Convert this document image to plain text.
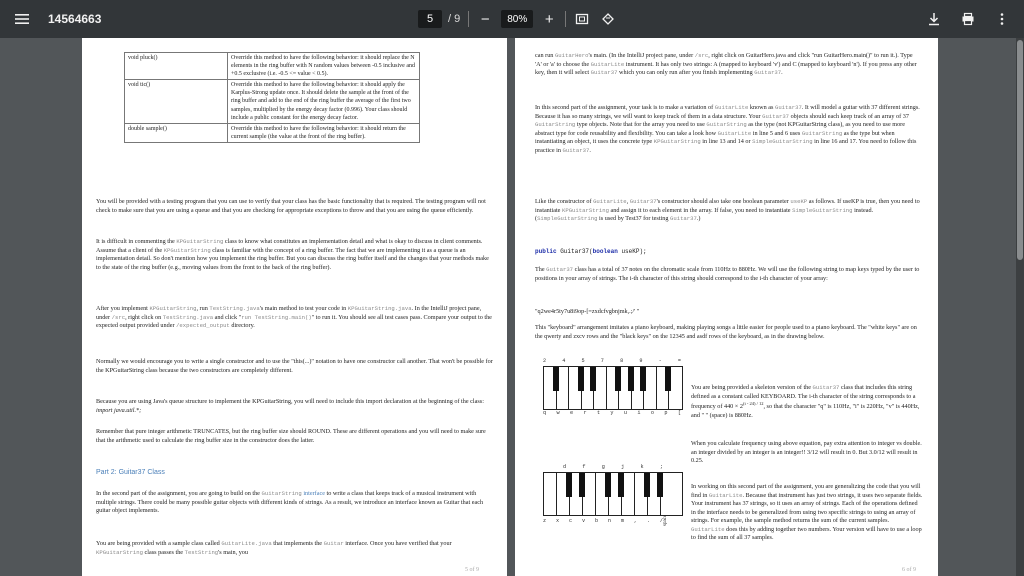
14564663	5	/ 9 −	80%	+
void pluck()	Override this method to have the following behavior: it should replace the N elements in the ring buffer with N random values between -0.5 inclusive and +0.5 exclusive (i.e. -0.5 <= value < 0.5).
void tic()	Override this method to have the following behavior: it should apply the Karplus-Strong update once. It should delete the sample at the front of the ring buffer and add to the end of the ring buffer the average of the first two samples, multiplied by the energy decay factor (0.996). Your class should include a public constant for the energy decay factor.
double sample()	Override this method to have the following behavior: it should return the current sample (the value at the front of the ring buffer).

You will be provided with a testing program that you can use to verify that your class has the basic functionality that is required. The testing program will not check to make sure that you are using a queue and that you are checking for appropriate exceptions to throw and that you are using the queue efficiently.

It is difficult in commenting the KPGuitarString class to know what constitutes an implementation detail and what is okay to discuss in client comments. Assume that a client of the KPGuitarString class is familiar with the concept of a ring buffer. The fact that we are implementing it as a queue is an implementation detail. So don't mention how you implement the ring buffer. But you can discuss the ring buffer itself and the changes that your methods make to the state of the ring buffer (e.g., moving values from the front to the back of the ring buffer).

After you implement KPGuitarString, run TestString.java's main method to test your code in KPGuitarString.java. In the IntelliJ project pane, under /src, right click on TestString.java and click "run TestString.main()" to run it. You should see all test cases pass. Compare your output to the expected output provided under /expected_output directory.

Normally we would encourage you to write a single constructor and to use the "this(...)" notation to have one constructor call another. That won't be possible for the KPGuitarString class because the two constructors are completely different.

Because you are using Java's queue structure to implement the KPGuitarString, you will need to include this import declaration at the beginning of the class: import java.util.*;

Remember that pure integer arithmetic TRUNCATES, but the ring buffer size should ROUND. These are different operations and you will need to make sure that the arithmetic used to calculate the ring buffer size in the constructor does the latter.

Part 2: Guitar37 Class

In the second part of the assignment, you are going to build on the GuitarString interface to write a class that keeps track of a musical instrument with multiple strings. There could be many possible guitar objects with different kinds of strings. As a result, we introduce an interface known as Guitar that each guitar object implements.

You are being provided with a sample class called GuitarLite.java that implements the Guitar interface. Once you have verified that your KPGuitarString class passes the TestString's main, you

5 of 9

can run GuitarHero's main. (In the IntelliJ project pane, under /src, right click on GuitarHero.java and click "run GuitarHero.main()" to run it.). Type 'A' or 'a' to choose the GuitarLite instrument. It has only two strings: A (mapped to keyboard 'v') and C (mapped to keyboard 'n'). If you press any other key, then it will select Guitar37 which you can only run after you finish implementing Guitar37.

In this second part of the assignment, your task is to make a variation of GuitarLite known as Guitar37. It will model a guitar with 37 different strings. Because it has so many strings, we will want to keep track of them in a data structure. Your Guitar37 objects should each keep track of an array of 37 GuitarString type objects. Note that for the array you need to use GuitarString as the type (not KPGuitarString class), as you need to use more abstract type for code reusability and flexibility. You can take a look how GuitarLite in line 5 and 6 uses GuitarString as the type but when instantiating an object, it uses the concrete type KPGuitarString in line 13 and 14 or SimpleGuitarString in line 16 and 17. You need to follow this practice in Guitar37.

Like the constructor of GuitarLite, Guitar37's constructor should also take one boolean parameter useKP as follows. If useKP is true, then you need to instantiate KPGuitarString and assign it to each element in the array. If false, you need to instantiate SimpleGuitarString instead. (SimpleGuitarString is used by Test37 for testing Guitar37.)

public Guitar37(boolean useKP);

The Guitar37 class has a total of 37 notes on the chromatic scale from 110Hz to 880Hz. We will use the following string to map keys typed by the user to positions in your array of strings. The i-th character of this string should correspond to the i-th character of your array:

"q2we4r5ty7u8i9op-[=zxdcfvgbnjmk,.;/' "

This "keyboard" arrangement imitates a piano keyboard, making playing songs a little easier for people used to a piano keyboard. The "white keys" are on the qwerty and zxcv rows and the "black keys" on the 12345 and asdf rows of the keyboard, as in the drawing below.

2	4	5	7	8	9	-	=
q w e r t y u i o p [
d	f	g	j	k	;
z x c v b n m , . / space

You are being provided a skeleton version of the Guitar37 class that includes this string defined as a constant called KEYBOARD. The i-th character of the string corresponds to a frequency of $440 \times 2^{(i - 24) / 12}$, so that the character "q" is 110Hz, "i" is 220Hz, "v" is 440Hz, and " " (space) is 880Hz.

When you calculate frequency using above equation, pay extra attention to integer vs double. an integer divided by an integer is an integer!! 3/12 will result in 0. But 3.0/12 will result in 0.25.

In working on this second part of the assignment, you are generalizing the code that you will find in GuitarLite. Because that instrument has just two strings, it uses two separate fields. Your instrument has 37 strings, so it uses an array of strings. Each of the operations defined in the interface needs to be generalized from using two specific strings to using an array of strings. For example, the sample method returns the sum of the current samples. GuitarLite does this by adding together two numbers. Your version will have to use a loop to find the sum of all 37 samples.

6 of 9
